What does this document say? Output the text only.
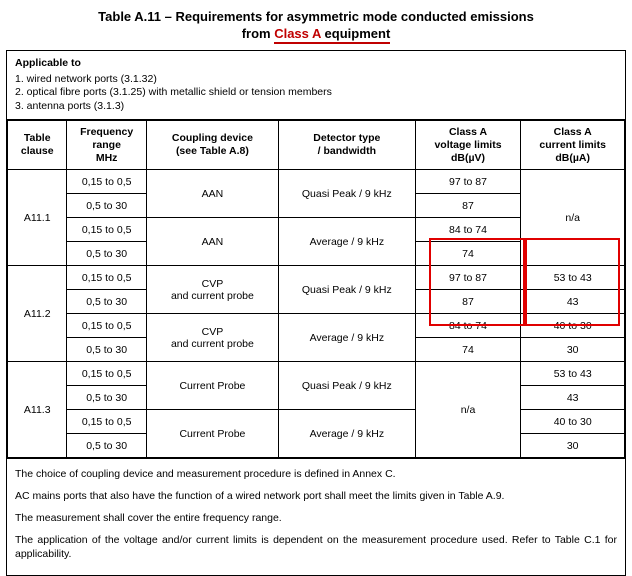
Table A.11 – Requirements for asymmetric mode conducted emissions
from Class A equipment
Applicable to
1. wired network ports (3.1.32)
2. optical fibre ports (3.1.25) with metallic shield or tension members
3. antenna ports (3.1.3)
Table
clause	Frequency
range
MHz	Coupling device
(see Table A.8)	Detector type
/ bandwidth	Class A
voltage limits
dB(µV)	Class A
current limits
dB(µA)
A11.1	0,15 to 0,5	AAN	Quasi Peak / 9 kHz	97 to 87	n/a
	0,5 to 30			87	
	0,15 to 0,5	AAN	Average / 9 kHz	84 to 74	
	0,5 to 30			74	
A11.2	0,15 to 0,5	CVP
and current probe	Quasi Peak / 9 kHz	97 to 87	53 to 43
	0,5 to 30			87	43
	0,15 to 0,5	CVP
and current probe	Average / 9 kHz	84 to 74	40 to 30
	0,5 to 30			74	30
A11.3	0,15 to 0,5	Current Probe	Quasi Peak / 9 kHz	n/a	53 to 43
	0,5 to 30				43
	0,15 to 0,5	Current Probe	Average / 9 kHz		40 to 30
	0,5 to 30				30

The choice of coupling device and measurement procedure is defined in Annex C.

AC mains ports that also have the function of a wired network port shall meet the limits given in Table A.9.

The measurement shall cover the entire frequency range.

The application of the voltage and/or current limits is dependent on the measurement procedure used. Refer to Table C.1 for applicability.
